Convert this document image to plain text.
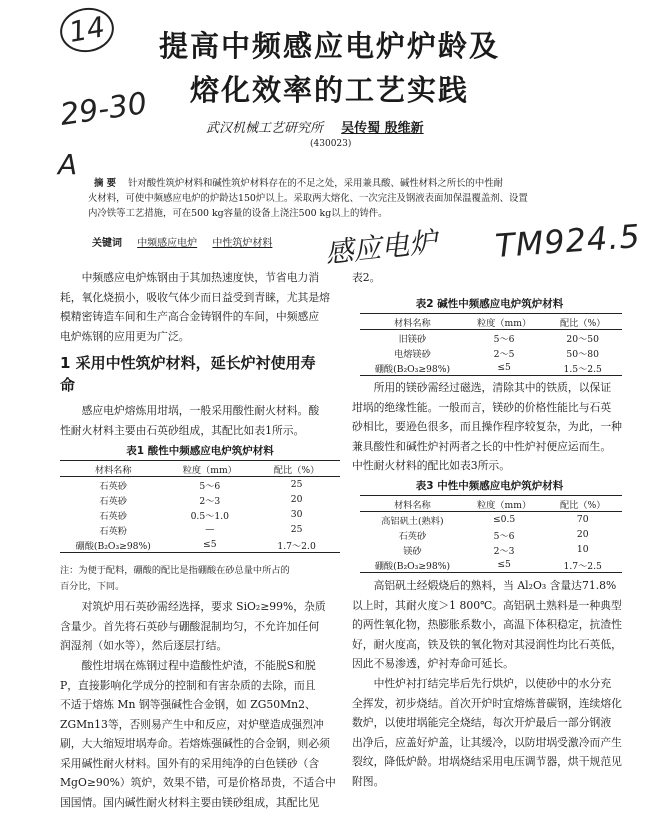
14
29-30
A
感应电炉 TM924.5
提高中频感应电炉炉龄及
熔化效率的工艺实践
武汉机械工艺研究所 吴传蜀 殷维新
(430023)
摘 要 针对酸性筑炉材料和碱性筑炉材料存在的不足之处，采用兼具酸、碱性材料之所长的中性耐
火材料，可使中频感应电炉的炉龄达150炉以上。采取两大熔化、一次完注及钢液表面加保温覆盖剂、设置
内冷铁等工艺措施，可在500 kg容量的设备上浇注500 kg以上的铸件。
关键词 中频感应电炉 中性筑炉材料
中频感应电炉炼钢由于其加热速度快，节省电力消
耗，氧化烧损小，吸收气体少而日益受到青睐，尤其是熔
模精密铸造车间和生产高合金铸钢件的车间，中频感应
电炉炼钢的应用更为广泛。
1 采用中性筑炉材料，延长炉衬使用寿
命
感应电炉熔炼用坩埚，一般采用酸性耐火材料。酸
性耐火材料主要由石英砂组成，其配比如表1所示。
表1 酸性中频感应电炉筑炉材料
材料名称	粒度（mm）	配比（%）
石英砂	5～6	25
石英砂	2～3	20
石英砂	0.5～1.0	30
石英粉	—	25
硼酸(B₂O₃≥98%)	≤5	1.7～2.0
注：为便于配料，硼酸的配比是指硼酸在砂总量中所占的
百分比，下同。
对筑炉用石英砂需经选择，要求 SiO₂≥99%，杂质
含量少。首先将石英砂与硼酸混制均匀，不允许加任何
润湿剂（如水等），然后逐层打结。
酸性坩埚在炼钢过程中造酸性炉渣，不能脱S和脱
P，直接影响化学成分的控制和有害杂质的去除，而且
不适于熔炼 Mn 钢等强碱性合金钢，如 ZG50Mn2、
ZGMn13等，否则易产生中和反应，对炉壁造成强烈冲
刷，大大缩短坩埚寿命。若熔炼强碱性的合金钢，则必须
采用碱性耐火材料。国外有的采用纯净的白色镁砂（含
MgO≥90%）筑炉，效果不错，可是价格昂贵，不适合中
国国情。国内碱性耐火材料主要由镁砂组成，其配比见
表2。
表2 碱性中频感应电炉筑炉材料
材料名称	粒度（mm）	配比（%）
旧镁砂	5～6	20～50
电熔镁砂	2～5	50～80
硼酸(B₂O₃≥98%)	≤5	1.5～2.5
所用的镁砂需经过磁选，清除其中的铁质，以保证
坩埚的绝缘性能。一般而言，镁砂的价格性能比与石英
砂相比，要逊色很多，而且操作程序较复杂，为此，一种
兼具酸性和碱性炉衬两者之长的中性炉衬便应运而生。
中性耐火材料的配比如表3所示。
表3 中性中频感应电炉筑炉材料
材料名称	粒度（mm）	配比（%）
高铝矾土(熟料)	≤0.5	70
石英砂	5～6	20
镁砂	2～3	10
硼酸(B₂O₃≥98%)	≤5	1.7～2.5
高铝矾土经煅烧后的熟料，当 Al₂O₃ 含量达71.8%
以上时，其耐火度＞1 800℃。高铝矾土熟料是一种典型
的两性氧化物，热膨胀系数小，高温下体积稳定，抗渣性
好，耐火度高，铁及铁的氧化物对其浸润性均比石英低，
因此不易渗透，炉衬寿命可延长。
中性炉衬打结完毕后先行烘炉，以使砂中的水分充
全挥发，初步烧结。首次开炉时宜熔炼普碳钢，连续熔化
数炉，以使坩埚能完全烧结，每次开炉最后一部分钢液
出净后，应盖好炉盖，让其缓冷，以防坩埚受激冷而产生
裂纹，降低炉龄。坩埚烧结采用电压调节器，烘干规范见
附图。
